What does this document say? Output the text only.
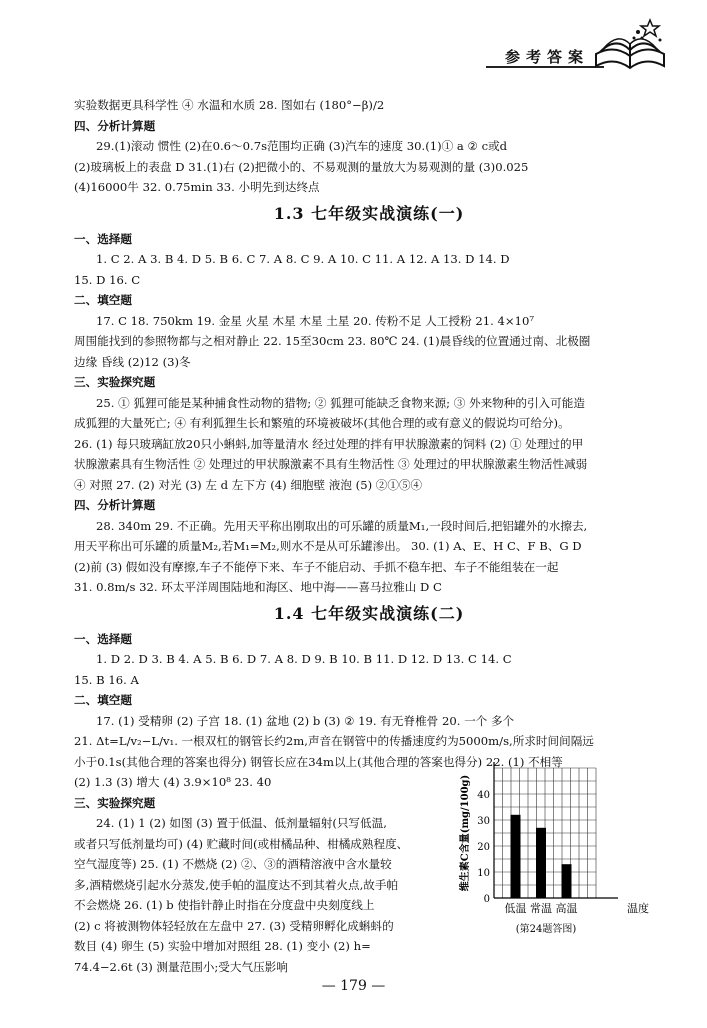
参考答案
实验数据更具科学性 ④ 水温和水质 28. 图如右 (180°−β)/2
四、分析计算题
29.(1)滚动 惯性 (2)在0.6～0.7s范围均正确 (3)汽车的速度 30.(1)① a ② c或d
(2)玻璃板上的表盘 D 31.(1)右 (2)把微小的、不易观测的量放大为易观测的量 (3)0.025
(4)16000牛 32. 0.75min 33. 小明先到达终点
1.3 七年级实战演练(一)
一、选择题
1. C 2. A 3. B 4. D 5. B 6. C 7. A 8. C 9. A 10. C 11. A 12. A 13. D 14. D
15. D 16. C
二、填空题
17. C 18. 750km 19. 金星 火星 木星 木星 土星 20. 传粉不足 人工授粉 21. 4×10⁷
周围能找到的参照物都与之相对静止 22. 15至30cm 23. 80℃ 24. (1)晨昏线的位置通过南、北极圈
边缘 昏线 (2)12 (3)冬
三、实验探究题
25. ① 狐狸可能是某种捕食性动物的猎物; ② 狐狸可能缺乏食物来源; ③ 外来物种的引入可能造
成狐狸的大量死亡; ④ 有利狐狸生长和繁殖的环境被破坏(其他合理的或有意义的假说均可给分)。
26. (1) 每只玻璃缸放20只小蝌蚪,加等量清水 经过处理的拌有甲状腺激素的饲料 (2) ① 处理过的甲
状腺激素具有生物活性 ② 处理过的甲状腺激素不具有生物活性 ③ 处理过的甲状腺激素生物活性减弱
④ 对照 27. (2) 对光 (3) 左 d 左下方 (4) 细胞壁 液泡 (5) ②①⑤④
四、分析计算题
28. 340m 29. 不正确。先用天平称出刚取出的可乐罐的质量M₁,一段时间后,把铝罐外的水擦去,
用天平称出可乐罐的质量M₂,若M₁=M₂,则水不是从可乐罐渗出。 30. (1) A、E、H C、F B、G D
(2)前 (3) 假如没有摩擦,车子不能停下来、车子不能启动、手抓不稳车把、车子不能组装在一起
31. 0.8m/s 32. 环太平洋周围陆地和海区、地中海——喜马拉雅山 D C
1.4 七年级实战演练(二)
一、选择题
1. D 2. D 3. B 4. A 5. B 6. D 7. A 8. D 9. B 10. B 11. D 12. D 13. C 14. C
15. B 16. A
二、填空题
17. (1) 受精卵 (2) 子宫 18. (1) 盆地 (2) b (3) ② 19. 有无脊椎骨 20. 一个 多个
21. Δt=L/v₂−L/v₁. 一根双杠的钢管长约2m,声音在钢管中的传播速度约为5000m/s,所求时间间隔远
小于0.1s(其他合理的答案也得分) 钢管长应在34m以上(其他合理的答案也得分) 22. (1) 不相等
(2) 1.3 (3) 增大 (4) 3.9×10⁸ 23. 40
三、实验探究题
24. (1) 1 (2) 如图 (3) 置于低温、低剂量辐射(只写低温,
或者只写低剂量均可) (4) 贮藏时间(或柑橘品种、柑橘成熟程度、
空气湿度等) 25. (1) 不燃烧 (2) ②、③的酒精溶液中含水量较
多,酒精燃烧引起水分蒸发,使手帕的温度达不到其着火点,故手帕
不会燃烧 26. (1) b 使指针静止时指在分度盘中央刻度线上
(2) c 将被测物体轻轻放在左盘中 27. (3) 受精卵孵化成蝌蚪的
数目 (4) 卵生 (5) 实验中增加对照组 28. (1) 变小 (2) h=
74.4−2.6t (3) 测量范围小;受大气压影响
低温 常温 高温
0
10
20
30
40
维生素C含量(mg/100g)
温度
(第24题答图)
— 179 —
